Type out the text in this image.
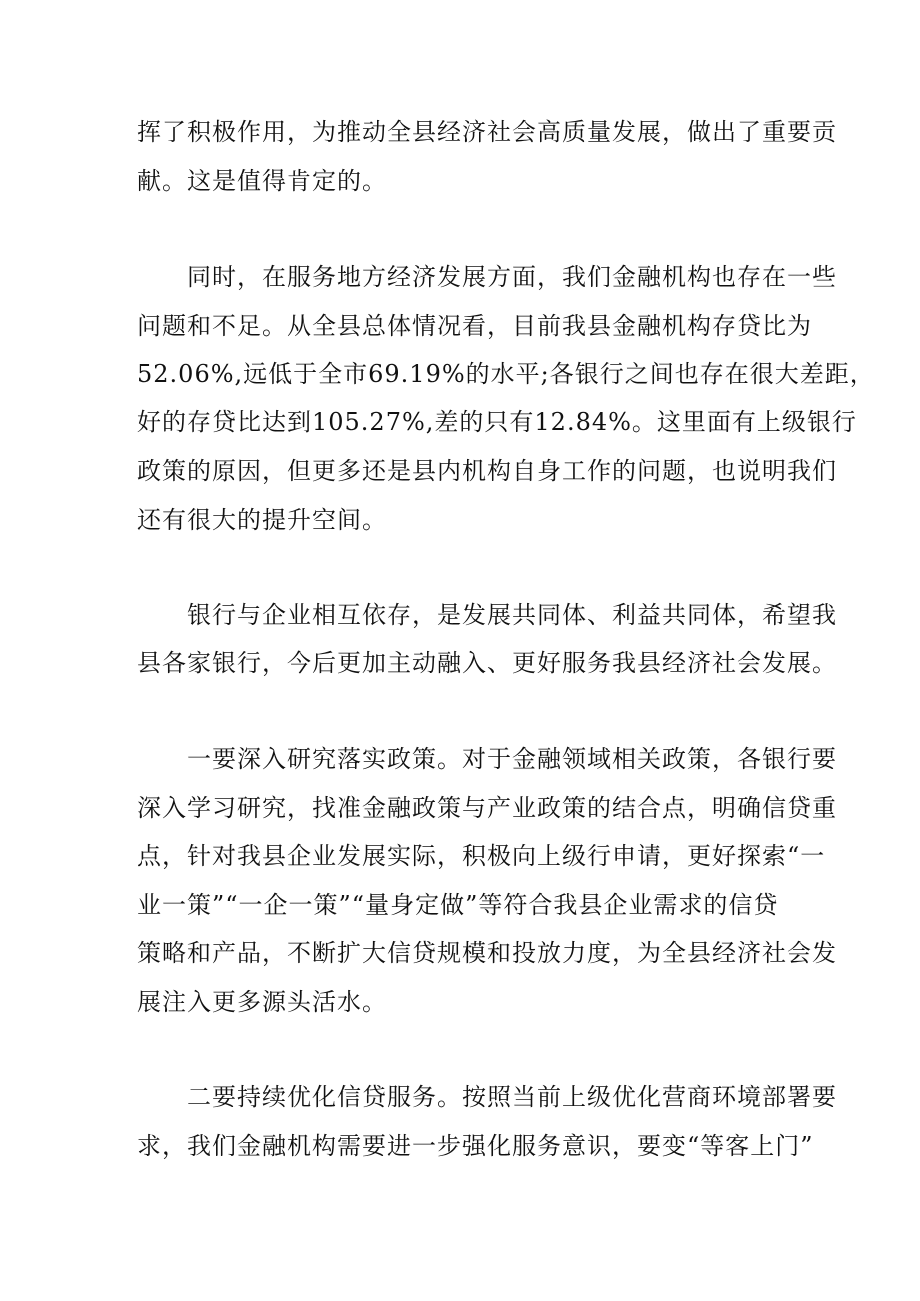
挥了积极作用，为推动全县经济社会高质量发展，做出了重要贡
献。这是值得肯定的。
同时，在服务地方经济发展方面，我们金融机构也存在一些
问题和不足。从全县总体情况看，目前我县金融机构存贷比为
52.06%,远低于全市69.19%的水平;各银行之间也存在很大差距，
好的存贷比达到105.27%,差的只有12.84%。这里面有上级银行
政策的原因，但更多还是县内机构自身工作的问题，也说明我们
还有很大的提升空间。
银行与企业相互依存，是发展共同体、利益共同体，希望我
县各家银行，今后更加主动融入、更好服务我县经济社会发展。
一要深入研究落实政策。对于金融领域相关政策，各银行要
深入学习研究，找准金融政策与产业政策的结合点，明确信贷重
点，针对我县企业发展实际，积极向上级行申请，更好探索“一
业一策”“一企一策”“量身定做”等符合我县企业需求的信贷
策略和产品，不断扩大信贷规模和投放力度，为全县经济社会发
展注入更多源头活水。
二要持续优化信贷服务。按照当前上级优化营商环境部署要
求，我们金融机构需要进一步强化服务意识，要变“等客上门”
